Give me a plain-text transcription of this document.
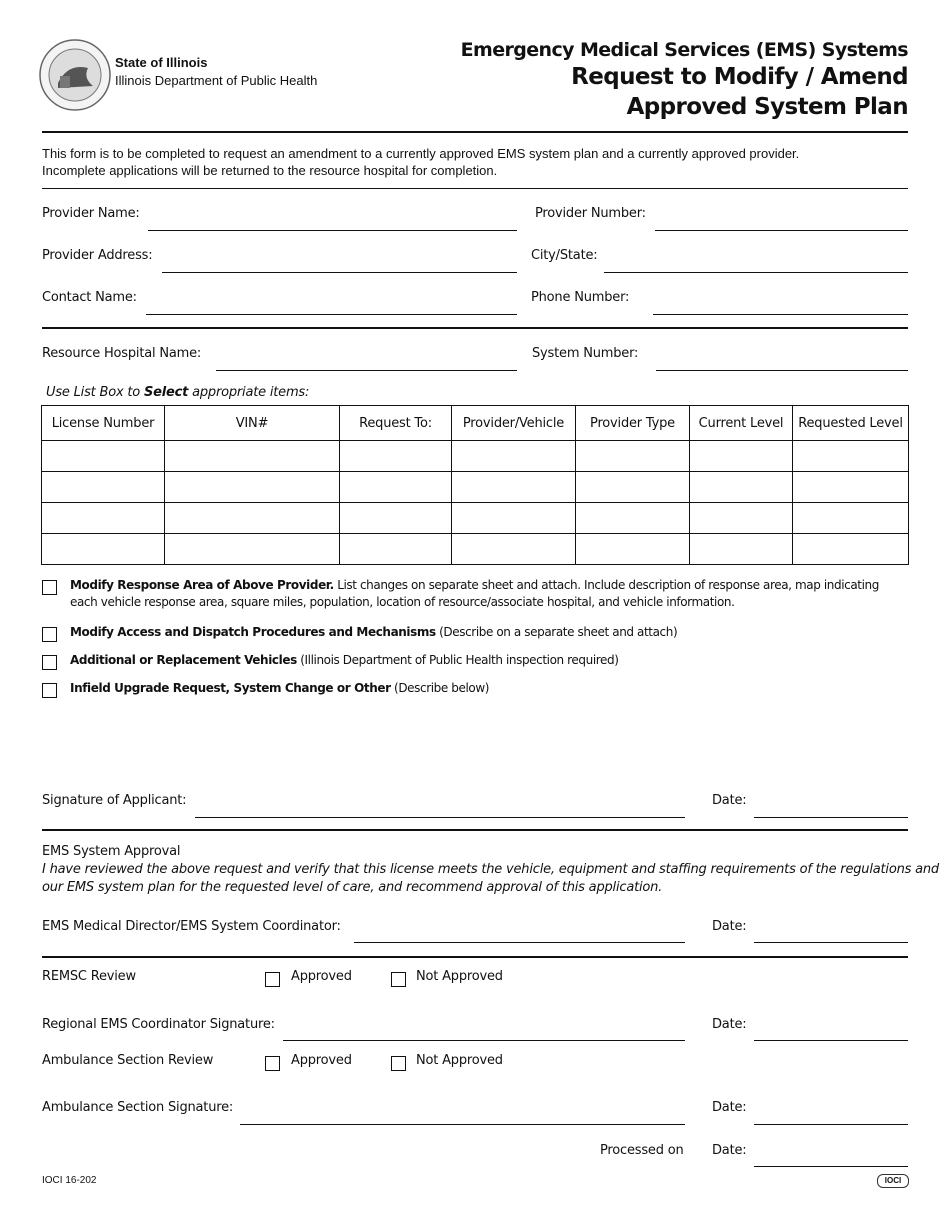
State of Illinois
Illinois Department of Public Health
Emergency Medical Services (EMS) Systems
Request to Modify / Amend
Approved System Plan
This form is to be completed to request an amendment to a currently approved EMS system plan and a currently approved provider.
Incomplete applications will be returned to the resource hospital for completion.
Provider Name:	Provider Number:
Provider Address:	City/State:
Contact Name:	Phone Number:
Resource Hospital Name:	System Number:
Use List Box to Select appropriate items:
License Number	VIN#	Request To:	Provider/Vehicle	Provider Type	Current Level	Requested Level

Modify Response Area of Above Provider. List changes on separate sheet and attach. Include description of response area, map indicating
each vehicle response area, square miles, population, location of resource/associate hospital, and vehicle information.
Modify Access and Dispatch Procedures and Mechanisms (Describe on a separate sheet and attach)
Additional or Replacement Vehicles (Illinois Department of Public Health inspection required)
Infield Upgrade Request, System Change or Other (Describe below)
Signature of Applicant:	Date:
EMS System Approval
I have reviewed the above request and verify that this license meets the vehicle, equipment and staffing requirements of the regulations and
our EMS system plan for the requested level of care, and recommend approval of this application.
EMS Medical Director/EMS System Coordinator:	Date:
REMSC Review	Approved	Not Approved
Regional EMS Coordinator Signature:	Date:
Ambulance Section Review	Approved	Not Approved
Ambulance Section Signature:	Date:
Processed on Date:
IOCI 16-202	IOCI
